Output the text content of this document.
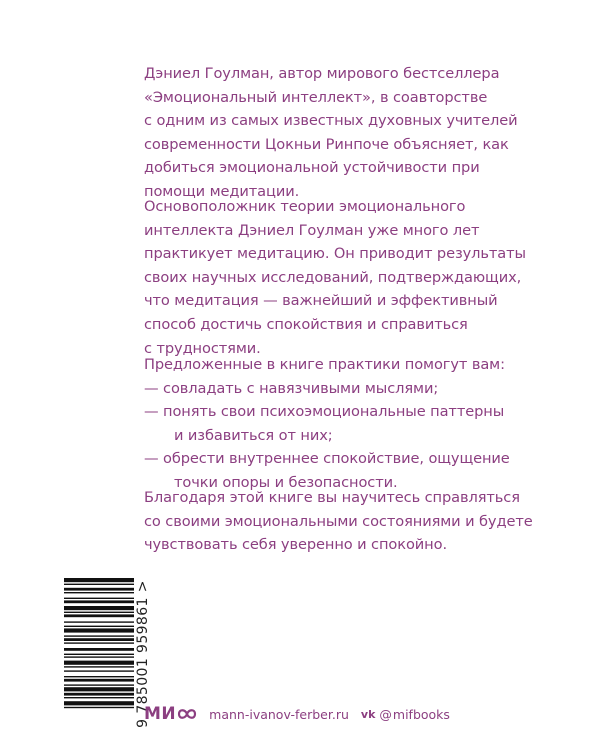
Дэниел Гоулман, автор мирового бестселлера
«Эмоциональный интеллект», в соавторстве
с одним из самых известных духовных учителей
современности Цокньи Ринпоче объясняет, как
добиться эмоциональной устойчивости при
помощи медитации.
Основоположник теории эмоционального
интеллекта Дэниел Гоулман уже много лет
практикует медитацию. Он приводит результаты
своих научных исследований, подтверждающих,
что медитация — важнейший и эффективный
способ достичь спокойствия и справиться
с трудностями.
Предложенные в книге практики помогут вам:
— совладать с навязчивыми мыслями;
— понять свои психоэмоциональные паттерны
и избавиться от них;
— обрести внутреннее спокойствие, ощущение
точки опоры и безопасности.
Благодаря этой книге вы научитесь справляться
со своими эмоциональными состояниями и будете
чувствовать себя уверенно и спокойно.
9 785001 959861 >
МИ	mann-ivanov-ferber.ru vk @ mifbooks
